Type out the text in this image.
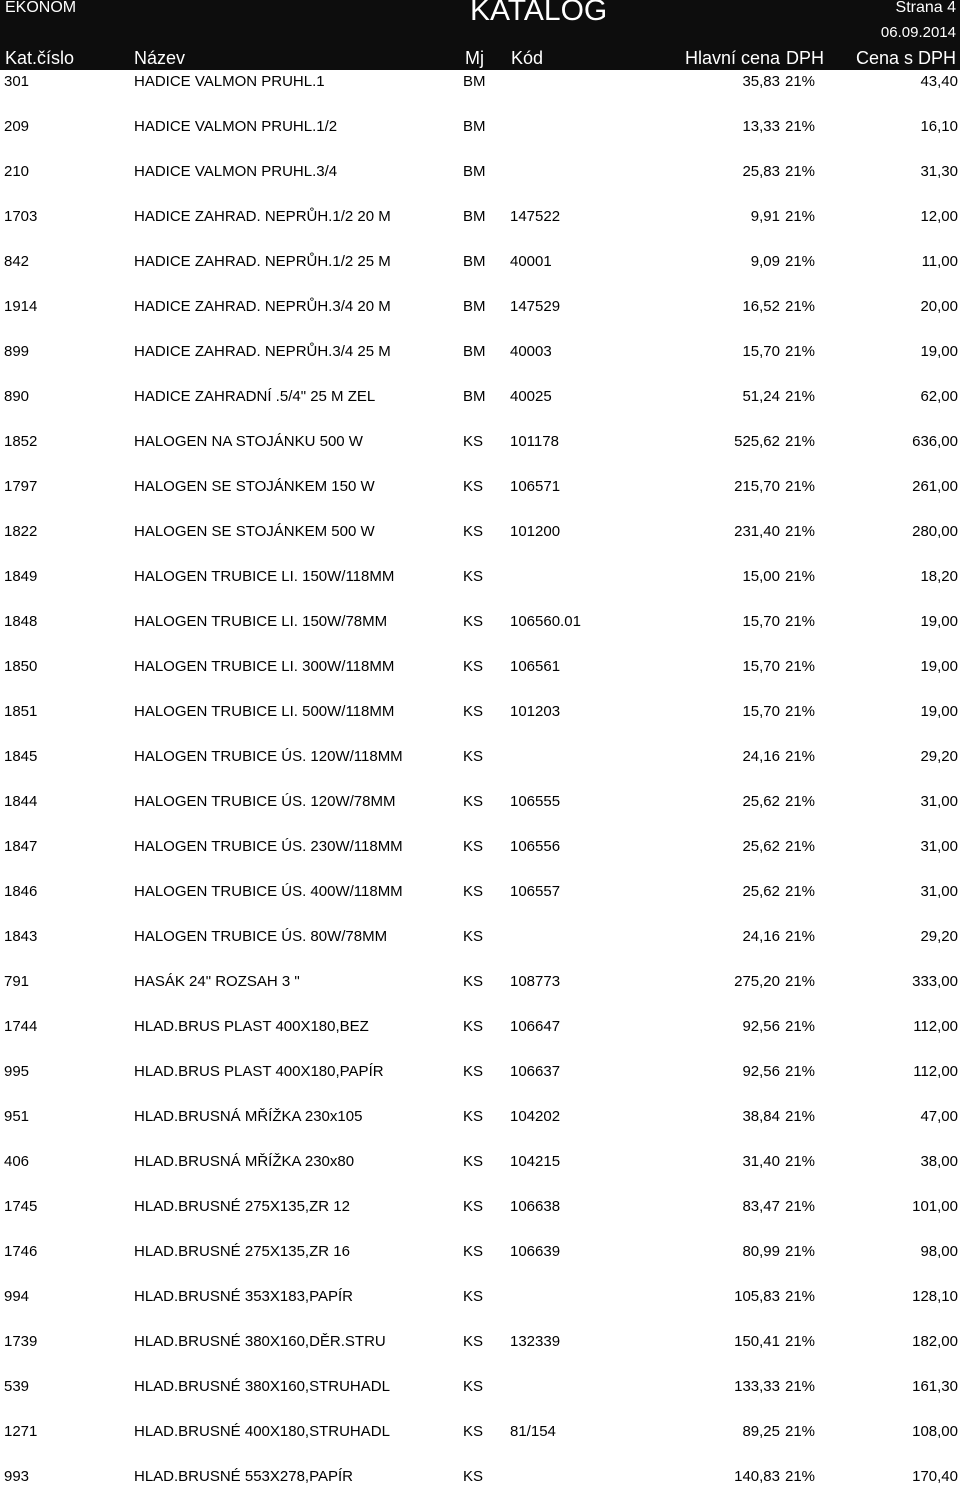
EKONOM	KATALOG	Strana 4
06.09.2014
Kat.číslo	Název	Mj Kód	Hlavní cena DPH Cena s DPH
301	HADICE VALMON PRUHL.1	BM	35,83 21%	43,40
209	HADICE VALMON PRUHL.1/2	BM	13,33 21%	16,10
210	HADICE VALMON PRUHL.3/4	BM	25,83 21%	31,30
1703	HADICE ZAHRAD. NEPRŮH.1/2 20 M	BM 147522	9,91 21%	12,00
842	HADICE ZAHRAD. NEPRŮH.1/2 25 M	BM 40001	9,09 21%	11,00
1914	HADICE ZAHRAD. NEPRŮH.3/4 20 M	BM 147529	16,52 21%	20,00
899	HADICE ZAHRAD. NEPRŮH.3/4 25 M	BM 40003	15,70 21%	19,00
890	HADICE ZAHRADNÍ .5/4" 25 M ZEL	BM 40025	51,24 21%	62,00
1852	HALOGEN NA STOJÁNKU 500 W	KS 101178	525,62 21%	636,00
1797	HALOGEN SE STOJÁNKEM 150 W	KS 106571	215,70 21%	261,00
1822	HALOGEN SE STOJÁNKEM 500 W	KS 101200	231,40 21%	280,00
1849	HALOGEN TRUBICE LI. 150W/118MM	KS	15,00 21%	18,20
1848	HALOGEN TRUBICE LI. 150W/78MM	KS 106560.01	15,70 21%	19,00
1850	HALOGEN TRUBICE LI. 300W/118MM	KS 106561	15,70 21%	19,00
1851	HALOGEN TRUBICE LI. 500W/118MM	KS 101203	15,70 21%	19,00
1845	HALOGEN TRUBICE ÚS. 120W/118MM	KS	24,16 21%	29,20
1844	HALOGEN TRUBICE ÚS. 120W/78MM	KS 106555	25,62 21%	31,00
1847	HALOGEN TRUBICE ÚS. 230W/118MM	KS 106556	25,62 21%	31,00
1846	HALOGEN TRUBICE ÚS. 400W/118MM	KS 106557	25,62 21%	31,00
1843	HALOGEN TRUBICE ÚS. 80W/78MM	KS	24,16 21%	29,20
791	HASÁK 24" ROZSAH 3 "	KS 108773	275,20 21%	333,00
1744	HLAD.BRUS PLAST 400X180,BEZ	KS 106647	92,56 21%	112,00
995	HLAD.BRUS PLAST 400X180,PAPÍR	KS 106637	92,56 21%	112,00
951	HLAD.BRUSNÁ MŘÍŽKA 230x105	KS 104202	38,84 21%	47,00
406	HLAD.BRUSNÁ MŘÍŽKA 230x80	KS 104215	31,40 21%	38,00
1745	HLAD.BRUSNÉ 275X135,ZR 12	KS 106638	83,47 21%	101,00
1746	HLAD.BRUSNÉ 275X135,ZR 16	KS 106639	80,99 21%	98,00
994	HLAD.BRUSNÉ 353X183,PAPÍR	KS	105,83 21%	128,10
1739	HLAD.BRUSNÉ 380X160,DĚR.STRU	KS 132339	150,41 21%	182,00
539	HLAD.BRUSNÉ 380X160,STRUHADL	KS	133,33 21%	161,30
1271	HLAD.BRUSNÉ 400X180,STRUHADL	KS 81/154	89,25 21%	108,00
993	HLAD.BRUSNÉ 553X278,PAPÍR	KS	140,83 21%	170,40
